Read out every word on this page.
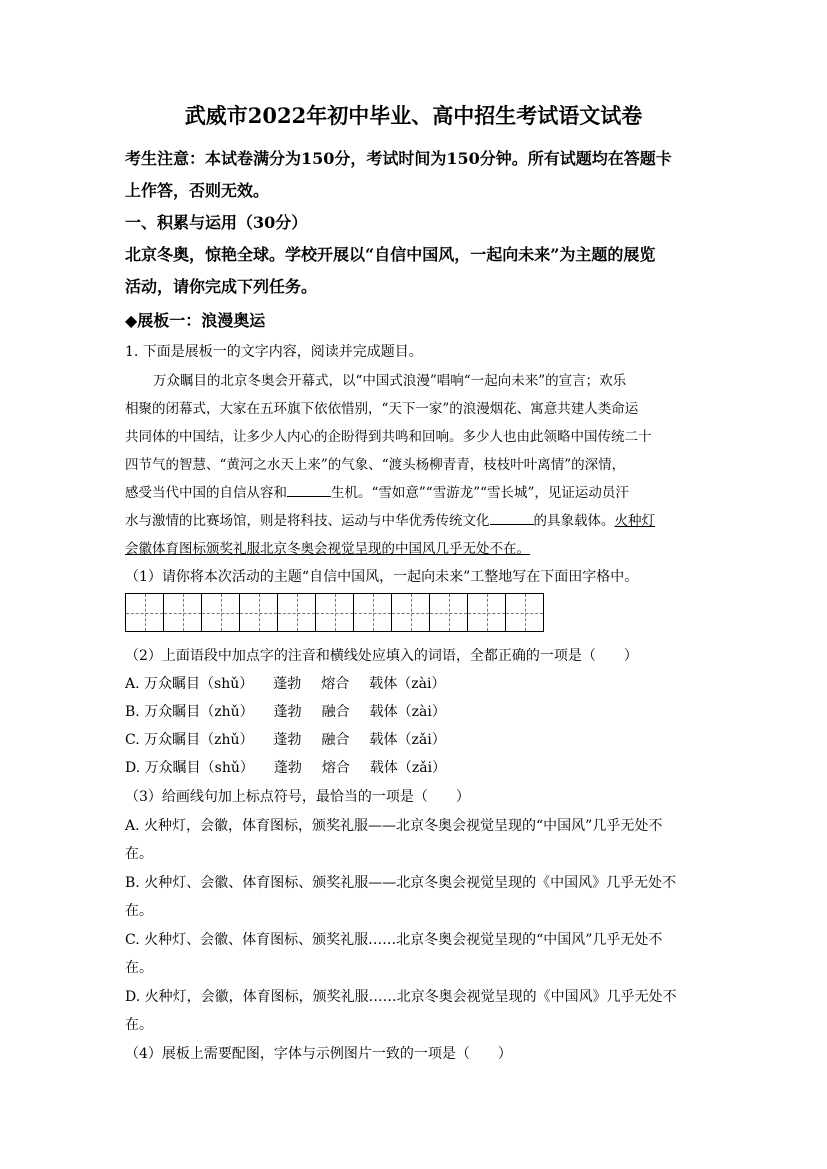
武威市2022年初中毕业、高中招生考试语文试卷
考生注意：本试卷满分为150分，考试时间为150分钟。所有试题均在答题卡
上作答，否则无效。
一、积累与运用（30分）
北京冬奥，惊艳全球。学校开展以“自信中国风，一起向未来”为主题的展览
活动，请你完成下列任务。
◆展板一：浪漫奥运
1. 下面是展板一的文字内容，阅读并完成题目。
万众瞩目的北京冬奥会开幕式，以“中国式浪漫”唱响“一起向未来”的宣言；欢乐
相聚的闭幕式，大家在五环旗下依依惜别，“天下一家”的浪漫烟花、寓意共建人类命运
共同体的中国结，让多少人内心的企盼得到共鸣和回响。多少人也由此领略中国传统二十
四节气的智慧、“黄河之水天上来”的气象、“渡头杨柳青青，枝枝叶叶离情”的深情，
感受当代中国的自信从容和	生机。“雪如意”“雪游龙”“雪长城”，见证运动员汗
水与激情的比赛场馆，则是将科技、运动与中华优秀传统文化	的具象载体。火种灯
会徽体育图标颁奖礼服北京冬奥会视觉呈现的中国风几乎无处不在。
（1）请你将本次活动的主题“自信中国风，一起向未来”工整地写在下面田字格中。
（2）上面语段中加点字的注音和横线处应填入的词语，全都正确的一项是（　　）
A. 万众瞩目（shǔ） 蓬勃 熔合 载体（zài）
B. 万众瞩目（zhǔ） 蓬勃 融合 载体（zài）
C. 万众瞩目（zhǔ） 蓬勃 融合 载体（zǎi）
D. 万众瞩目（shǔ） 蓬勃 熔合 载体（zǎi）
（3）给画线句加上标点符号，最恰当的一项是（　　）
A. 火种灯，会徽，体育图标，颁奖礼服——北京冬奥会视觉呈现的“中国风”几乎无处不
在。
B. 火种灯、会徽、体育图标、颁奖礼服——北京冬奥会视觉呈现的《中国风》几乎无处不
在。
C. 火种灯、会徽、体育图标、颁奖礼服……北京冬奥会视觉呈现的“中国风”几乎无处不
在。
D. 火种灯，会徽，体育图标，颁奖礼服……北京冬奥会视觉呈现的《中国风》几乎无处不
在。
（4）展板上需要配图，字体与示例图片一致的一项是（　　）
